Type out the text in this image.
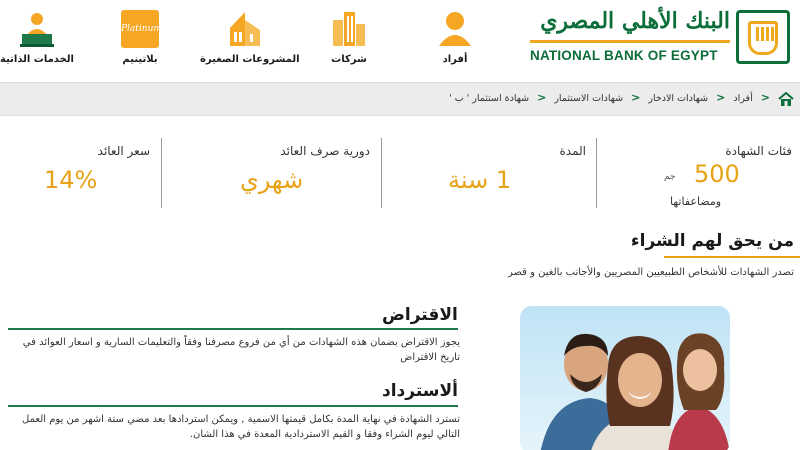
الخدمات الذاتية
Platinum
بلاتينيم	المشروعات الصغيرة	شركات	أفراد
البنك الأهلي المصري
NATIONAL BANK OF EGYPT
< أفراد < شهادات الادخار < شهادات الاستثمار < شهادة استثمار ' ب '
فئات الشهادة
500
جم
ومضاعفاتها
المدة
1 سنة
دورية صرف العائد
شهري
سعر العائد
14%
من يحق لهم الشراء
تصدر الشهادات للأشخاص الطبيعيين المصريين والأجانب بالغين و قصر
الاقتراض
يجوز الاقتراض بضمان هذه الشهادات من أي من فروع مصرفنا وفقاً والتعليمات السارية و اسعار العوائد في تاريخ الاقتراض
ألاسترداد
تسترد الشهادة في نهاية المدة بكامل قيمتها الاسمية , ويمكن استردادها بعد مضي ستة اشهر من يوم العمل التالي ليوم الشراء وفقا و القيم الاستردادية المعدة في هذا الشان.
